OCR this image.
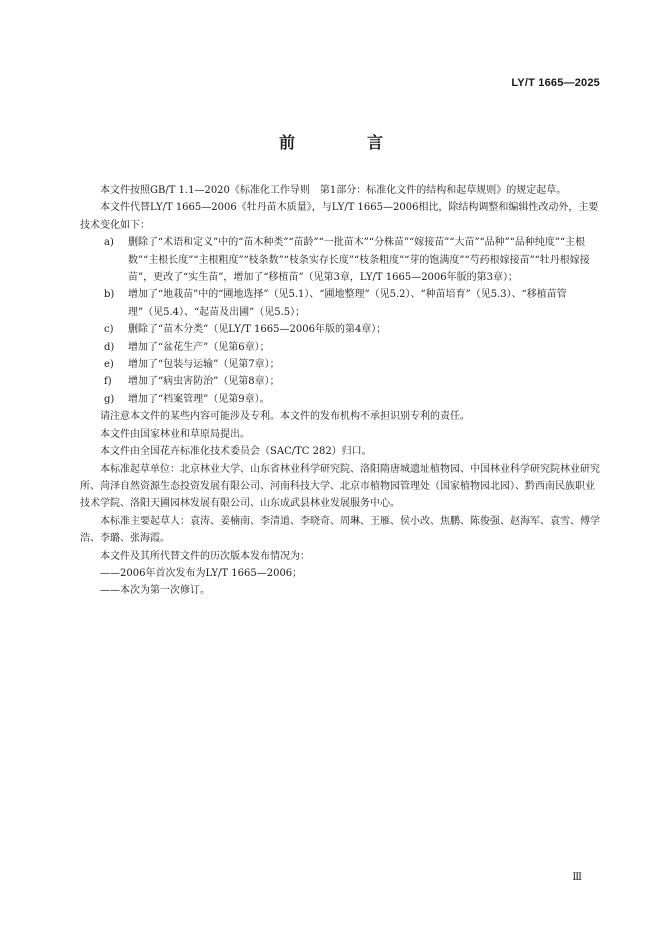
LY/T 1665—2025
前　言

本文件按照GB/T 1.1—2020《标准化工作导则　第1部分：标准化文件的结构和起草规则》的规定起草。

本文件代替LY/T 1665—2006《牡丹苗木质量》，与LY/T 1665—2006相比，除结构调整和编辑性改动外，主要技术变化如下：

a)	删除了“术语和定义”中的“苗木种类”“苗龄”“一批苗木”“分株苗”“嫁接苗”“大苗”“品种”“品种纯度”“主根数”“主根长度”“主根粗度”“枝条数”“枝条实存长度”“枝条粗度”“芽的饱满度”“芍药根嫁接苗”“牡丹根嫁接苗”，更改了“实生苗”，增加了“移植苗”（见第3章，LY/T 1665—2006年版的第3章）；
b)	增加了“地栽苗”中的“圃地选择”（见5.1）、“圃地整理”（见5.2）、“种苗培育”（见5.3）、“移植苗管理”（见5.4）、“起苗及出圃”（见5.5）；
c)	删除了“苗木分类”（见LY/T 1665—2006年版的第4章）；
d)	增加了“盆花生产”（见第6章）；
e)	增加了“包装与运输”（见第7章）；
f)	增加了“病虫害防治”（见第8章）；
g)	增加了“档案管理”（见第9章）。

请注意本文件的某些内容可能涉及专利。本文件的发布机构不承担识别专利的责任。

本文件由国家林业和草原局提出。

本文件由全国花卉标准化技术委员会（SAC/TC 282）归口。

本标准起草单位：北京林业大学、山东省林业科学研究院、洛阳隋唐城遗址植物园、中国林业科学研究院林业研究所、菏泽自然资源生态投资发展有限公司、河南科技大学、北京市植物园管理处（国家植物园北园）、黔西南民族职业技术学院、洛阳天圃园林发展有限公司、山东成武县林业发展服务中心。

本标准主要起草人：袁涛、姜楠南、李清道、李晓奇、周琳、王雁、侯小改、焦鹏、陈俊强、赵海军、袁雪、傅学浩、李璐、张海霞。

本文件及其所代替文件的历次版本发布情况为：

——2006年首次发布为LY/T 1665—2006；

——本次为第一次修订。

Ⅲ
